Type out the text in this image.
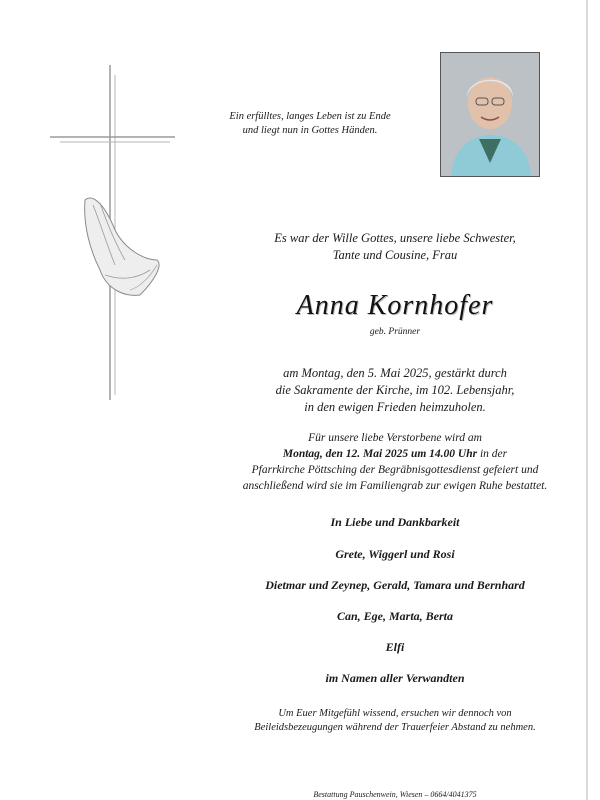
Ein erfülltes, langes Leben ist zu Ende
und liegt nun in Gottes Händen.
Es war der Wille Gottes, unsere liebe Schwester,
Tante und Cousine, Frau
Anna Kornhofer
geb. Prünner
am Montag, den 5. Mai 2025, gestärkt durch
die Sakramente der Kirche, im 102. Lebensjahr,
in den ewigen Frieden heimzuholen.
Für unsere liebe Verstorbene wird am
Montag, den 12. Mai 2025 um 14.00 Uhr in der
Pfarrkirche Pöttsching der Begräbnisgottesdienst gefeiert und
anschließend wird sie im Familiengrab zur ewigen Ruhe bestattet.
In Liebe und Dankbarkeit
Grete, Wiggerl und Rosi
Dietmar und Zeynep, Gerald, Tamara und Bernhard
Can, Ege, Marta, Berta
Elfi
im Namen aller Verwandten
Um Euer Mitgefühl wissend, ersuchen wir dennoch von
Beileidsbezeugungen während der Trauerfeier Abstand zu nehmen.
Bestattung Pauschenwein, Wiesen – 0664/4041375
